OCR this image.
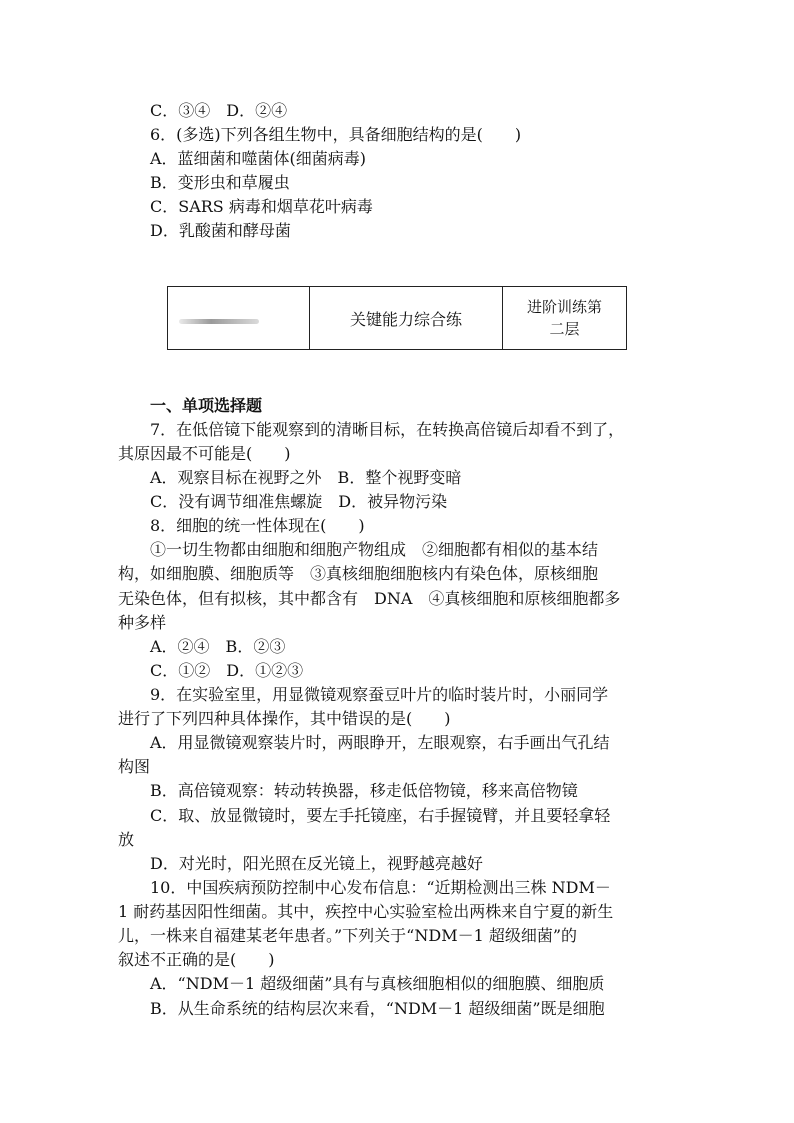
C．③④　D．②④
6．(多选)下列各组生物中，具备细胞结构的是(　　)
A．蓝细菌和噬菌体(细菌病毒)
B．变形虫和草履虫
C．SARS 病毒和烟草花叶病毒
D．乳酸菌和酵母菌
关键能力综合练
进阶训练第
二层
一、单项选择题
7．在低倍镜下能观察到的清晰目标，在转换高倍镜后却看不到了，
其原因最不可能是(　　)
A．观察目标在视野之外　B．整个视野变暗
C．没有调节细准焦螺旋　D．被异物污染
8．细胞的统一性体现在(　　)
①一切生物都由细胞和细胞产物组成　②细胞都有相似的基本结
构，如细胞膜、细胞质等　③真核细胞细胞核内有染色体，原核细胞
无染色体，但有拟核，其中都含有　DNA　④真核细胞和原核细胞都多
种多样
A．②④　B．②③
C．①②　D．①②③
9．在实验室里，用显微镜观察蚕豆叶片的临时装片时，小丽同学
进行了下列四种具体操作，其中错误的是(　　)
A．用显微镜观察装片时，两眼睁开，左眼观察，右手画出气孔结
构图
B．高倍镜观察：转动转换器，移走低倍物镜，移来高倍物镜
C．取、放显微镜时，要左手托镜座，右手握镜臂，并且要轻拿轻
放
D．对光时，阳光照在反光镜上，视野越亮越好
10．中国疾病预防控制中心发布信息：“近期检测出三株 NDM－
1 耐药基因阳性细菌。其中，疾控中心实验室检出两株来自宁夏的新生
儿，一株来自福建某老年患者。”下列关于“NDM－1 超级细菌”的
叙述不正确的是(　　)
A．“NDM－1 超级细菌”具有与真核细胞相似的细胞膜、细胞质
B．从生命系统的结构层次来看，“NDM－1 超级细菌”既是细胞
